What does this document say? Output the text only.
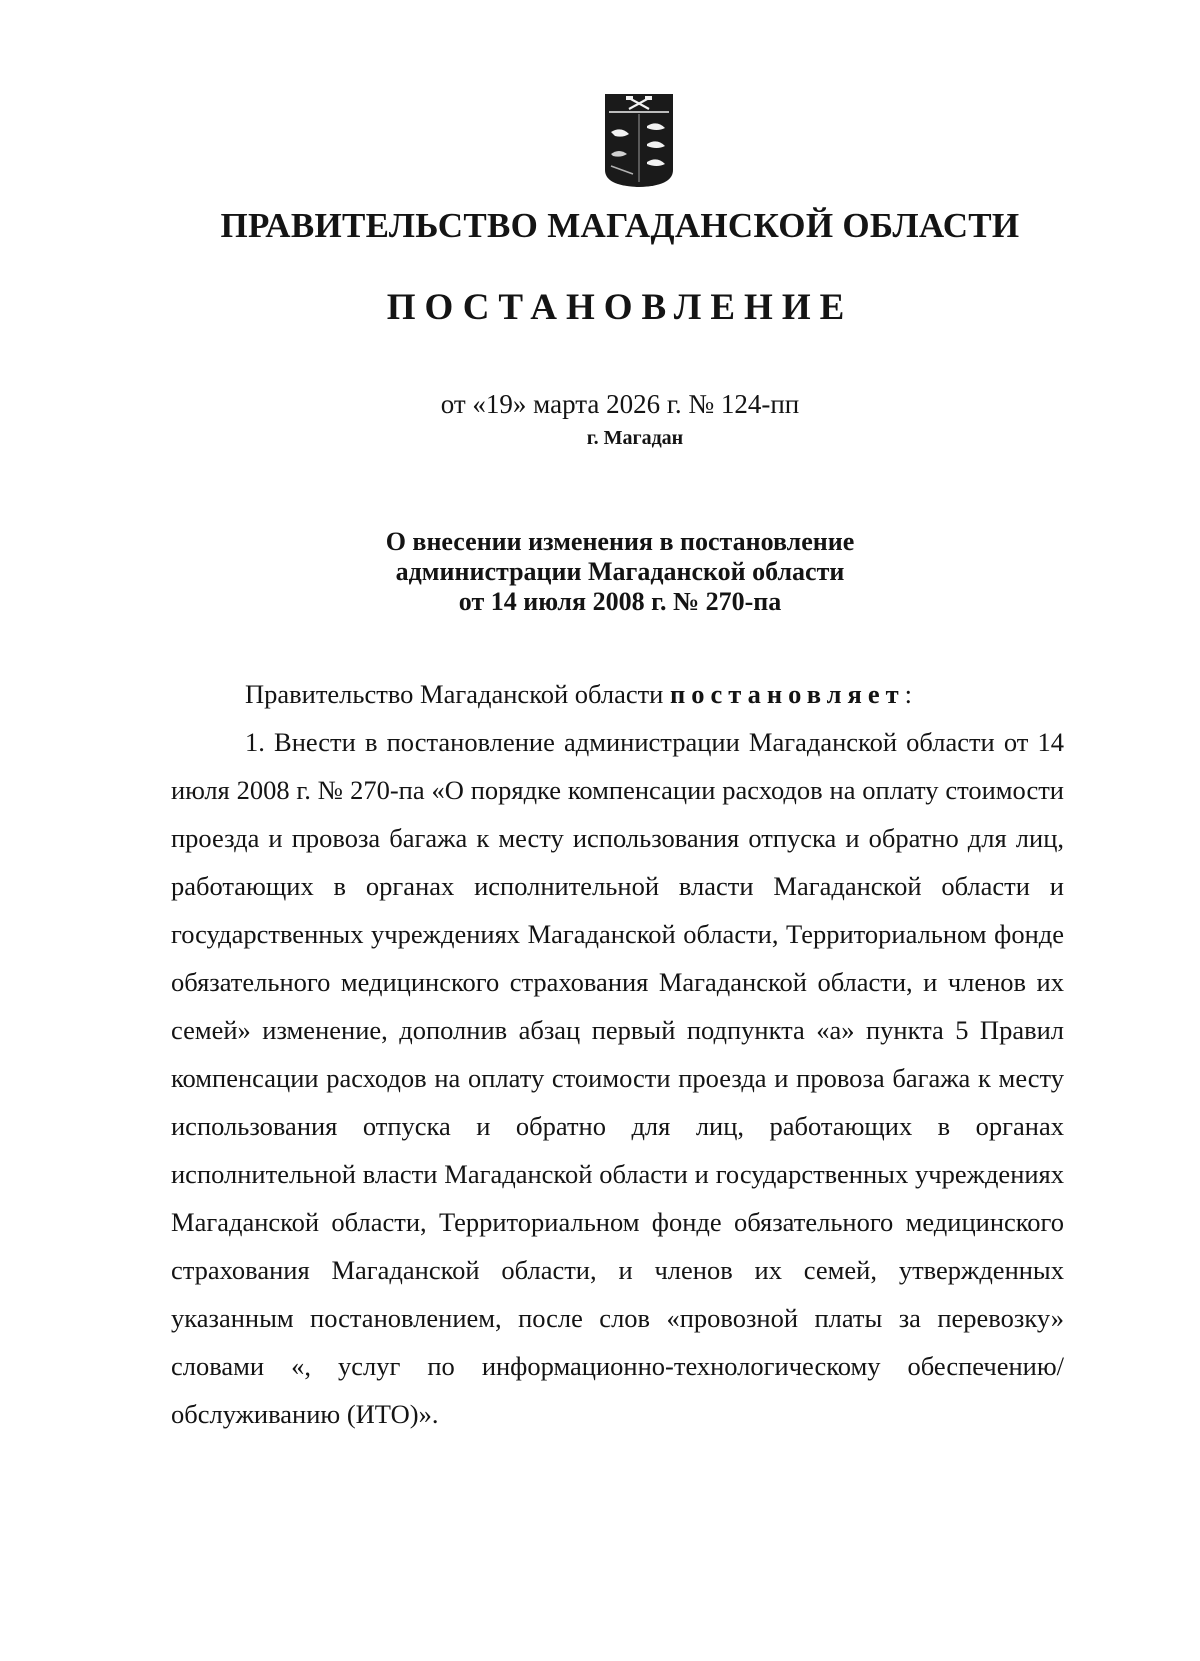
ПРАВИТЕЛЬСТВО МАГАДАНСКОЙ ОБЛАСТИ
ПОСТАНОВЛЕНИЕ
от «19» марта 2026 г. № 124-пп
г. Магадан
О внесении изменения в постановление
администрации Магаданской области
от 14 июля 2008 г. № 270-па

Правительство Магаданской области постановляет:

1. Внести в постановление администрации Магаданской области от 14 июля 2008 г. № 270-па «О порядке компенсации расходов на оплату стоимости проезда и провоза багажа к месту использования отпуска и обратно для лиц, работающих в органах исполнительной власти Магаданской области и государственных учреждениях Магаданской области, Территориальном фонде обязательного медицинского страхования Магаданской области, и членов их семей» изменение, дополнив абзац первый подпункта «а» пункта 5 Правил компенсации расходов на оплату стоимости проезда и провоза багажа к месту использования отпуска и обратно для лиц, работающих в органах исполнительной власти Магаданской области и государственных учреждениях Магаданской области, Территориальном фонде обязательного медицинского страхования Магаданской области, и членов их семей, утвержденных указанным постановлением, после слов «провозной платы за перевозку» словами «, услуг по информационно-технологическому обеспечению/обслуживанию (ИТО)».
